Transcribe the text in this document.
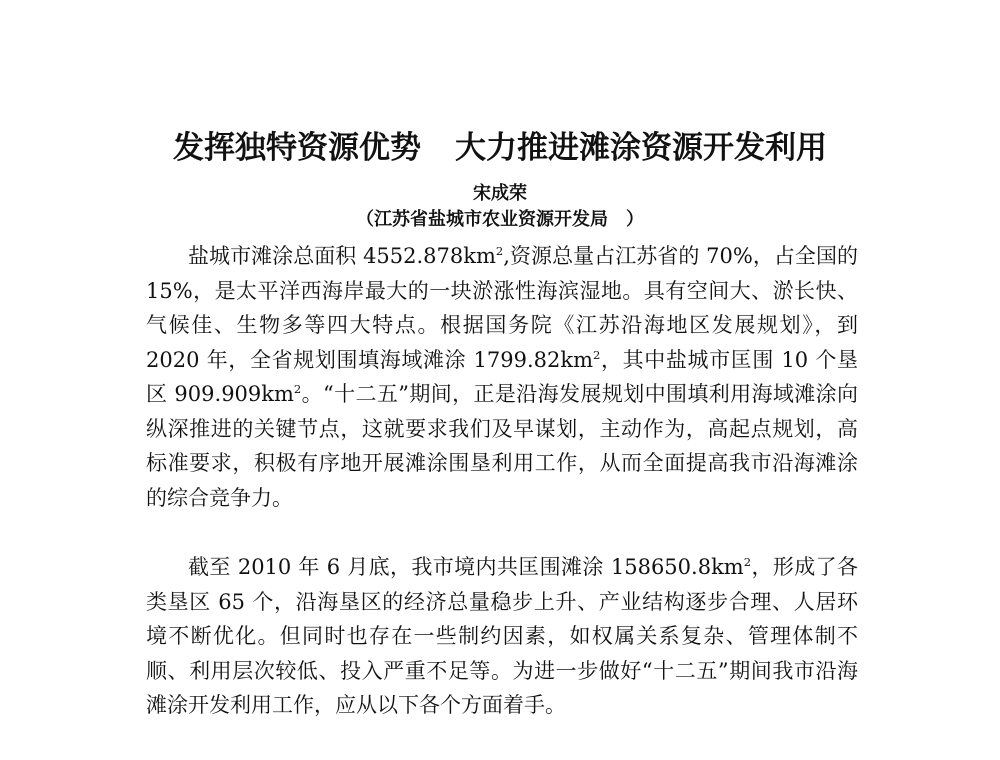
发挥独特资源优势 大力推进滩涂资源开发利用
宋成荣
（江苏省盐城市农业资源开发局　）

盐城市滩涂总面积 $4552.878km^2$,资源总量占江苏省的 70%，占全国的 15%，是太平洋西海岸最大的一块淤涨性海滨湿地。具有空间大、淤长快、气候佳、生物多等四大特点。根据国务院《江苏沿海地区发展规划》，到 2020 年，全省规划围填海域滩涂 $1799.82km^2$，其中盐城市匡围 10 个垦区 $909.909km^2$。“十二五”期间，正是沿海发展规划中围填利用海域滩涂向纵深推进的关键节点，这就要求我们及早谋划，主动作为，高起点规划，高标准要求，积极有序地开展滩涂围垦利用工作，从而全面提高我市沿海滩涂的综合竞争力。

截至 2010 年 6 月底，我市境内共匡围滩涂 $158650.8km^2$，形成了各类垦区 65 个，沿海垦区的经济总量稳步上升、产业结构逐步合理、人居环境不断优化。但同时也存在一些制约因素，如权属关系复杂、管理体制不顺、利用层次较低、投入严重不足等。为进一步做好“十二五”期间我市沿海滩涂开发利用工作，应从以下各个方面着手。
